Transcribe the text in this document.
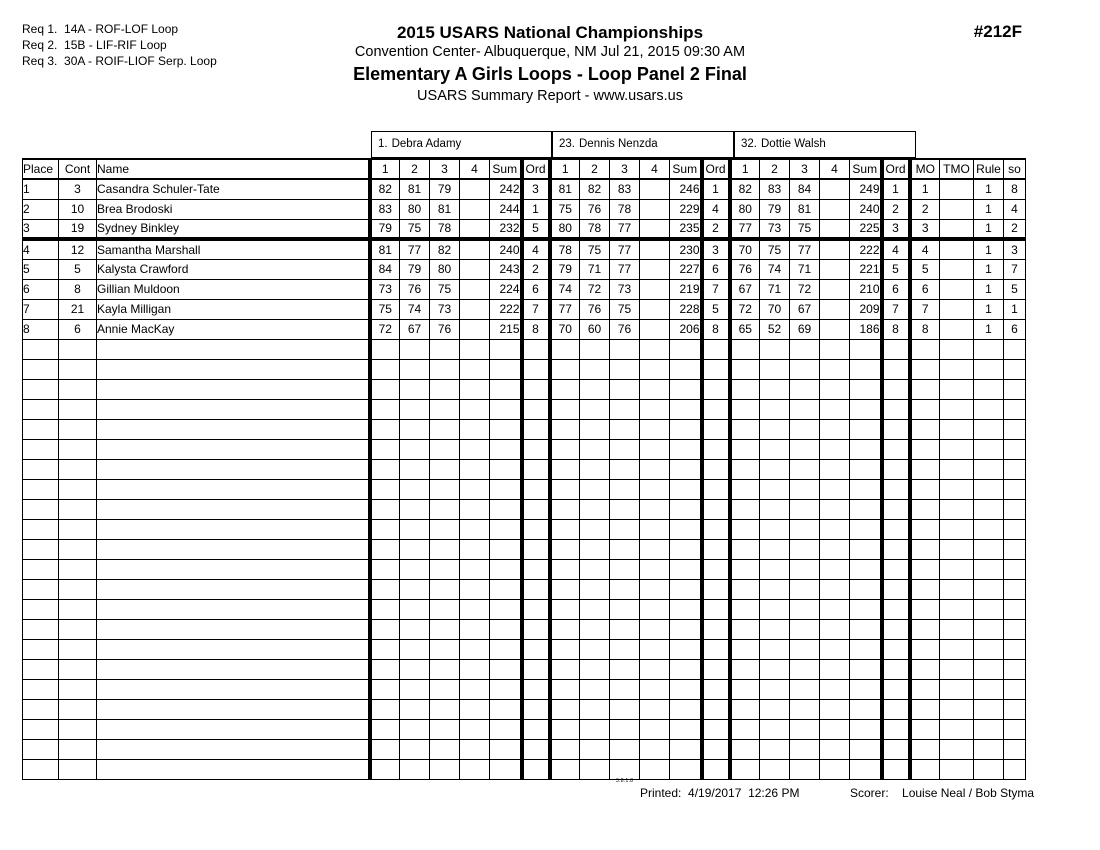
Req 1.  14A - ROF-LOF Loop
Req 2.  15B - LIF-RIF Loop
Req 3.  30A - ROIF-LIOF Serp. Loop
2015 USARS National Championships
Convention Center- Albuquerque, NM Jul 21, 2015 09:30 AM
Elementary A Girls Loops - Loop Panel 2 Final
USARS Summary Report - www.usars.us
#212F
1. Debra Adamy	23. Dennis Nenzda	32. Dottie Walsh
Place	Cont	Name	1	2	3	4	Sum	Ord	1	2	3	4	Sum	Ord	1	2	3	4	Sum	Ord	MO	TMO	Rule	so
1	3	Casandra Schuler-Tate	82	81	79		242	3	81	82	83		246	1	82	83	84		249	1	1		1	8
2	10	Brea Brodoski	83	80	81		244	1	75	76	78		229	4	80	79	81		240	2	2		1	4
3	19	Sydney Binkley	79	75	78		232	5	80	78	77		235	2	77	73	75		225	3	3		1	2
4	12	Samantha Marshall	81	77	82		240	4	78	75	77		230	3	70	75	77		222	4	4		1	3
5	5	Kalysta Crawford	84	79	80		243	2	79	71	77		227	6	76	74	71		221	5	5		1	7
6	8	Gillian Muldoon	73	76	75		224	6	74	72	73		219	7	67	71	72		210	6	6		1	5
7	21	Kayla Milligan	75	74	73		222	7	77	76	75		228	5	72	70	67		209	7	7		1	1
8	6	Annie MacKay	72	67	76		215	8	70	60	76		206	8	65	52	69		186	8	8		1	6

3.8.1.8
Printed:  4/19/2017  12:26 PM	Scorer:    Louise Neal / Bob Styma
